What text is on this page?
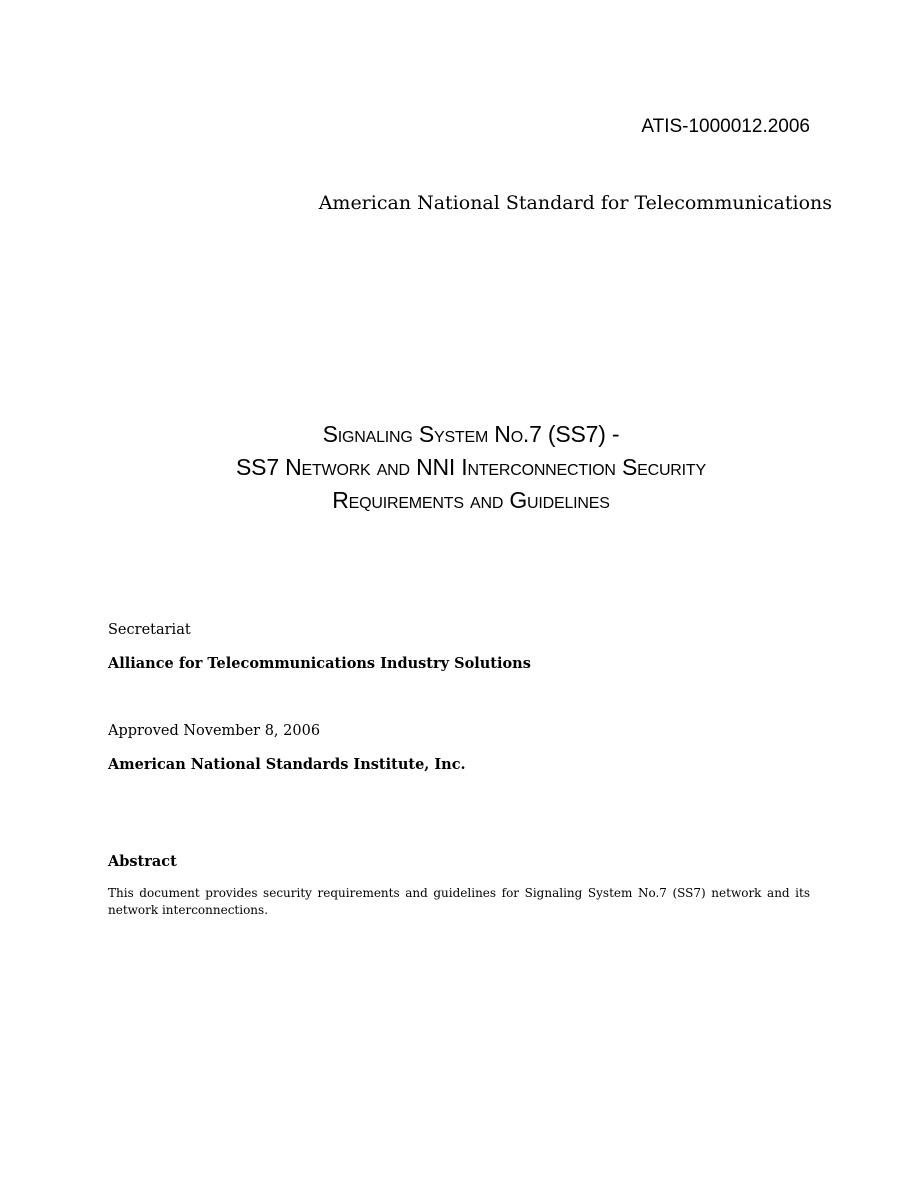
ATIS-1000012.2006
American National Standard for Telecommunications
Signaling System No.7 (SS7) -
SS7 Network and NNI Interconnection Security
Requirements and Guidelines
Secretariat
Alliance for Telecommunications Industry Solutions
Approved November 8, 2006
American National Standards Institute, Inc.
Abstract
This document provides security requirements and guidelines for Signaling System No.7 (SS7) network and its network interconnections.
